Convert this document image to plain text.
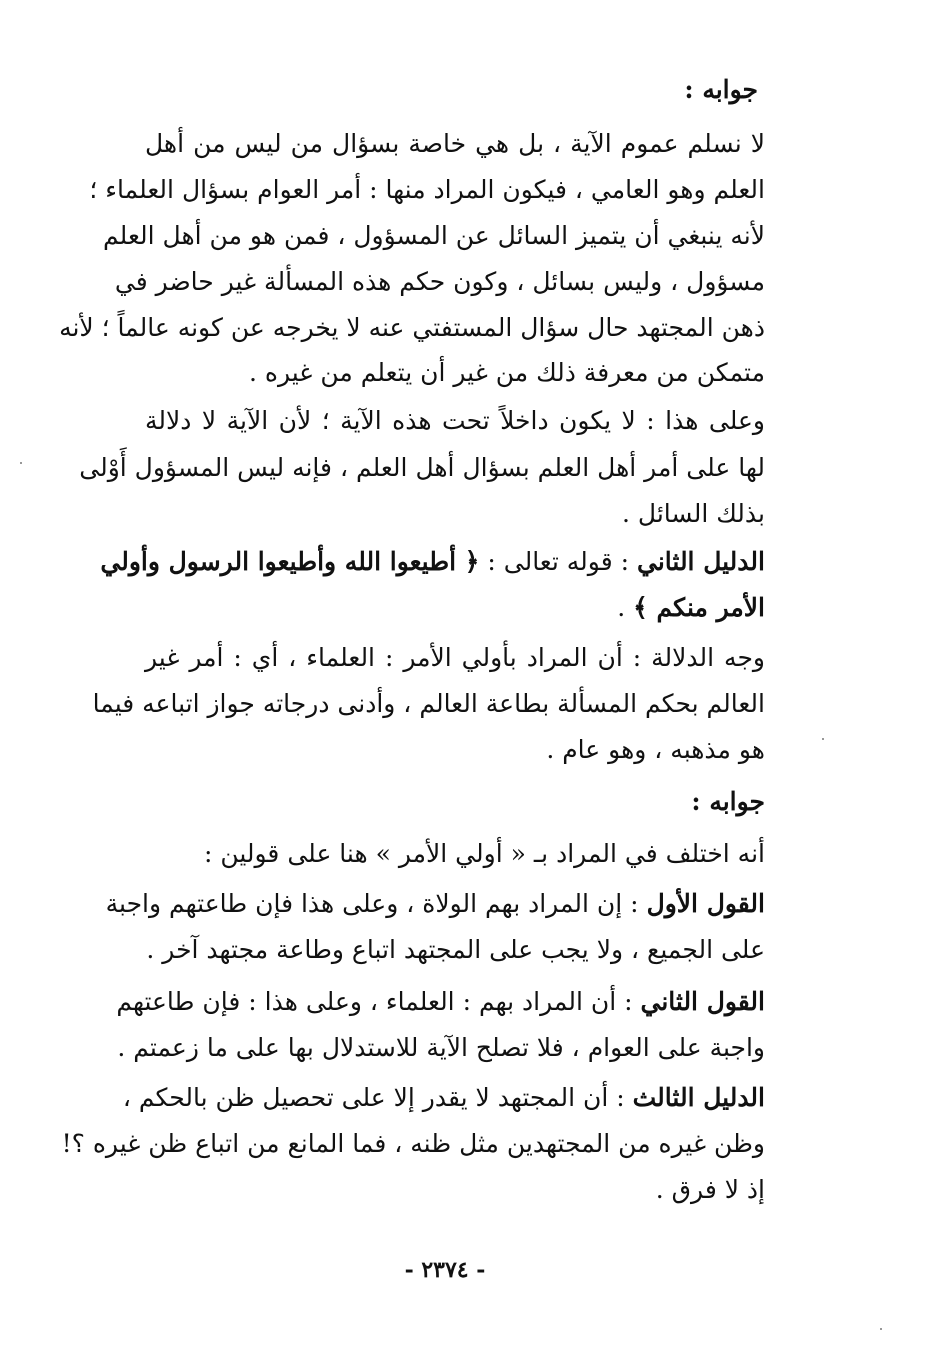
جوابه :
لا نسلم عموم الآية ، بل هي خاصة بسؤال من ليس من أهل
العلم وهو العامي ، فيكون المراد منها : أمر العوام بسؤال العلماء ؛
لأنه ينبغي أن يتميز السائل عن المسؤول ، فمن هو من أهل العلم
مسؤول ، وليس بسائل ، وكون حكم هذه المسألة غير حاضر في
ذهن المجتهد حال سؤال المستفتي عنه لا يخرجه عن كونه عالماً ؛ لأنه
متمكن من معرفة ذلك من غير أن يتعلم من غيره .
وعلى هذا : لا يكون داخلاً تحت هذه الآية ؛ لأن الآية لا دلالة
لها على أمر أهل العلم بسؤال أهل العلم ، فإنه ليس المسؤول أَوْلى
بذلك السائل .
الدليل الثاني : قوله تعالى : ﴿ أطيعوا الله وأطيعوا الرسول وأولي
الأمر منكم ﴾ .
وجه الدلالة : أن المراد بأولي الأمر : العلماء ، أي : أمر غير
العالم بحكم المسألة بطاعة العالم ، وأدنى درجاته جواز اتباعه فيما
هو مذهبه ، وهو عام .
جوابه :
أنه اختلف في المراد بـ « أولي الأمر » هنا على قولين :
القول الأول : إن المراد بهم الولاة ، وعلى هذا فإن طاعتهم واجبة
على الجميع ، ولا يجب على المجتهد اتباع وطاعة مجتهد آخر .
القول الثاني : أن المراد بهم : العلماء ، وعلى هذا : فإن طاعتهم
واجبة على العوام ، فلا تصلح الآية للاستدلال بها على ما زعمتم .
الدليل الثالث : أن المجتهد لا يقدر إلا على تحصيل ظن بالحكم ،
وظن غيره من المجتهدين مثل ظنه ، فما المانع من اتباع ظن غيره ؟!
إذ لا فرق .
- ٢٣٧٤ -
